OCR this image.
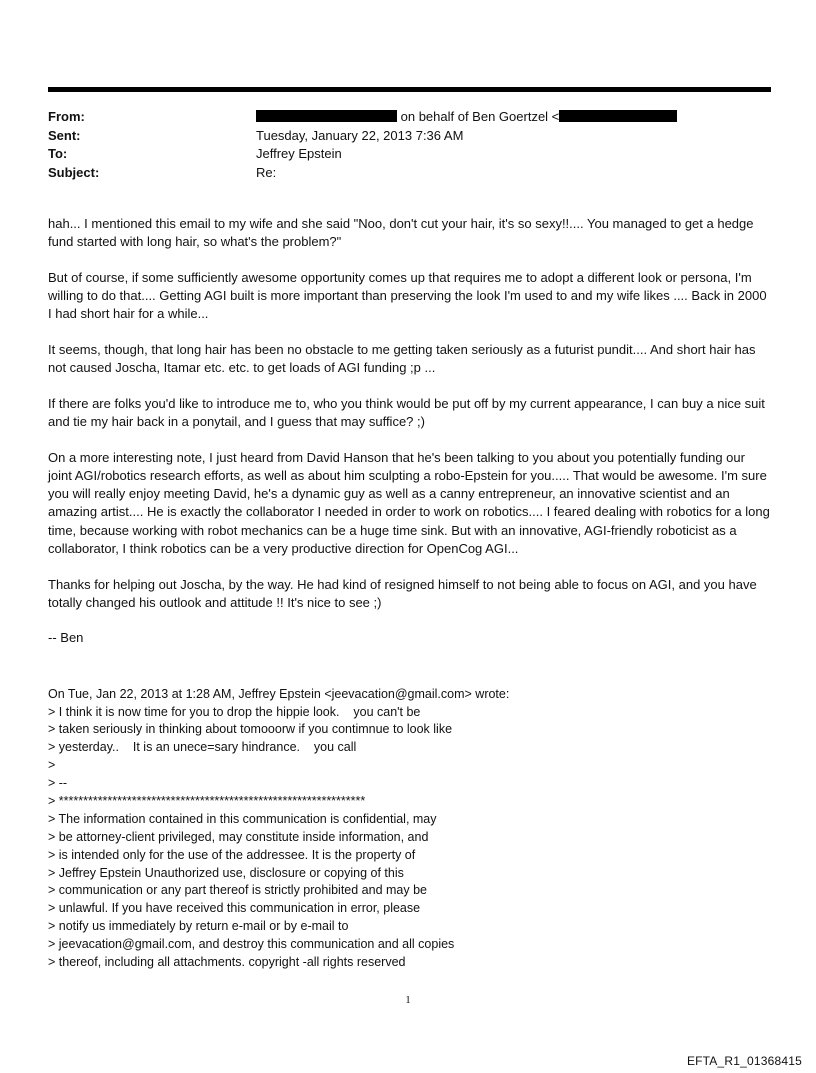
From:	on behalf of Ben Goertzel <
Sent:	Tuesday, January 22, 2013 7:36 AM
To:	Jeffrey Epstein
Subject:	Re:

hah... I mentioned this email to my wife and she said "Noo, don't cut your hair, it's so sexy!!.... You managed to get a hedge fund started with long hair, so what's the problem?"

But of course, if some sufficiently awesome opportunity comes up that requires me to adopt a different look or persona, I'm willing to do that.... Getting AGI built is more important than preserving the look I'm used to and my wife likes .... Back in 2000 I had short hair for a while...

It seems, though, that long hair has been no obstacle to me getting taken seriously as a futurist pundit.... And short hair has not caused Joscha, Itamar etc. etc. to get loads of AGI funding ;p ...

If there are folks you'd like to introduce me to, who you think would be put off by my current appearance, I can buy a nice suit and tie my hair back in a ponytail, and I guess that may suffice? ;)

On a more interesting note, I just heard from David Hanson that he's been talking to you about you potentially funding our joint AGI/robotics research efforts, as well as about him sculpting a robo-Epstein for you..... That would be awesome. I'm sure you will really enjoy meeting David, he's a dynamic guy as well as a canny entrepreneur, an innovative scientist and an amazing artist.... He is exactly the collaborator I needed in order to work on robotics.... I feared dealing with robotics for a long time, because working with robot mechanics can be a huge time sink. But with an innovative, AGI-friendly roboticist as a collaborator, I think robotics can be a very productive direction for OpenCog AGI...

Thanks for helping out Joscha, by the way. He had kind of resigned himself to not being able to focus on AGI, and you have totally changed his outlook and attitude !! It's nice to see ;)

-- Ben

On Tue, Jan 22, 2013 at 1:28 AM, Jeffrey Epstein <jeevacation@gmail.com> wrote:
> I think it is now time for you to drop the hippie look.    you can't be
> taken seriously in thinking about tomooorw if you contimnue to look like
> yesterday..    It is an unece=sary hindrance.    you call
>
> --
> ***************************************************************
> The information contained in this communication is confidential, may
> be attorney-client privileged, may constitute inside information, and
> is intended only for the use of the addressee. It is the property of
> Jeffrey Epstein Unauthorized use, disclosure or copying of this
> communication or any part thereof is strictly prohibited and may be
> unlawful. If you have received this communication in error, please
> notify us immediately by return e-mail or by e-mail to
> jeevacation@gmail.com, and destroy this communication and all copies
> thereof, including all attachments. copyright -all rights reserved
1
EFTA_R1_01368415
